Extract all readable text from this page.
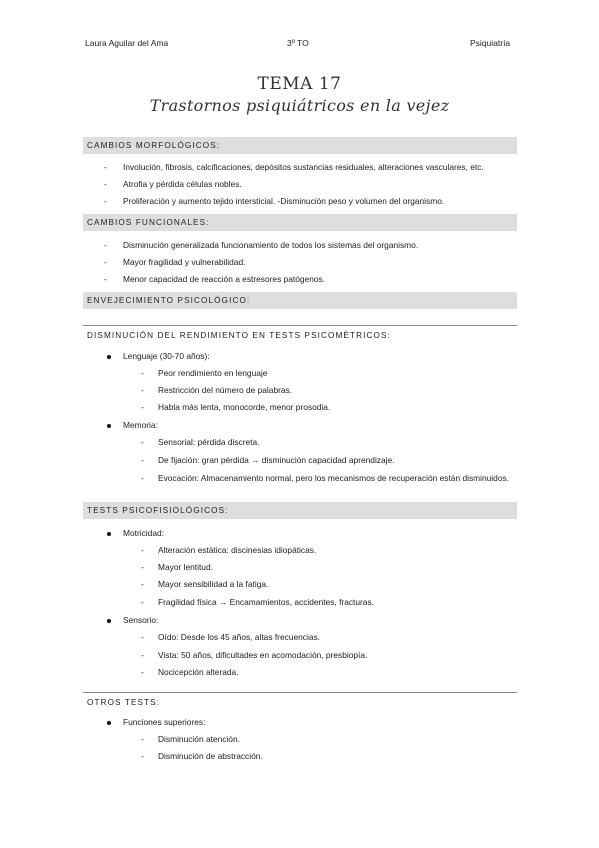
Laura Aguilar del Ama	3º TO	Psiquiatría
TEMA 17
Trastornos psiquiátricos en la vejez
CAMBIOS MORFOLÓGICOS:
- Involución, fibrosis, calcificaciones, depósitos sustancias residuales, alteraciones vasculares, etc.
- Atrofia y pérdida células nobles.
- Proliferación y aumento tejido intersticial. -Disminución peso y volumen del organismo.
CAMBIOS FUNCIONALES:
- Disminución generalizada funcionamiento de todos los sistemas del organismo.
- Mayor fragilidad y vulnerabilidad.
- Menor capacidad de reacción a estresores patógenos.
ENVEJECIMIENTO PSICOLÓGICO:
DISMINUCIÓN DEL RENDIMIENTO EN TESTS PSICOMÉTRICOS:
Lenguaje (30-70 años):
- Peor rendimiento en lenguaje
- Restricción del número de palabras.
- Habla más lenta, monocorde, menor prosodia.
Memoria:
- Sensorial: pérdida discreta.
- De fijación: gran pérdida → disminución capacidad aprendizaje.
- Evocación: Almacenamiento normal, pero los mecanismos de recuperación están disminuidos.
TESTS PSICOFISIOLÓGICOS:
Motricidad:
- Alteración estática: discinesias idiopáticas.
- Mayor lentitud.
- Mayor sensibilidad a la fatiga.
- Fragilidad física → Encamamientos, accidentes, fracturas.
Sensorio:
- Oído: Desde los 45 años, altas frecuencias.
- Vista: 50 años, dificultades en acomodación, presbiopía.
- Nocicepción alterada.
OTROS TESTS:
Funciones superiores:
- Disminución atención.
- Disminución de abstracción.
